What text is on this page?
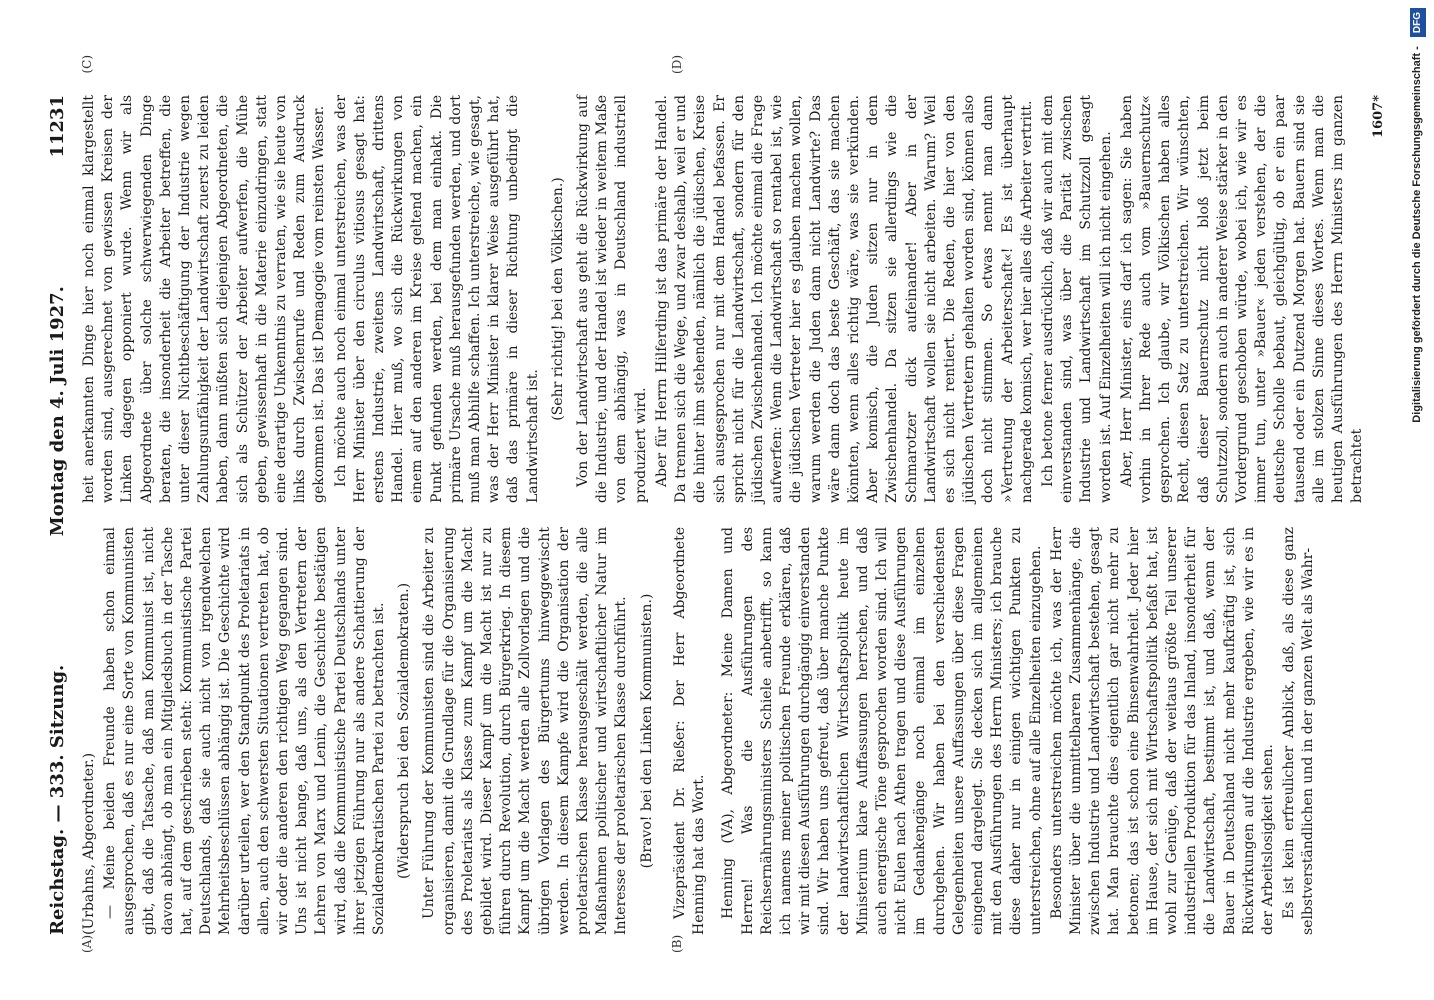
Reichstag. — 333. Sitzung.
Montag den 4. Juli 1927.
11231

(Urbahns, Abgeordneter.) — Meine beiden Freunde haben schon einmal ausgesprochen, daß es nur eine Sorte von Kommunisten gibt, daß die Tatsache, daß man Kommunist ist, nicht davon abhängt, ob man ein Mitgliedsbuch in der Tasche hat, auf dem geschrieben steht: Kommunistische Partei Deutschlands, daß sie auch nicht von irgendwelchen Mehrheitsbeschlüssen abhängig ist. Die Geschichte wird darüber urteilen, wer den Standpunkt des Proletariats in allen, auch den schwersten Situationen vertreten hat, ob wir oder die anderen den richtigen Weg gegangen sind. Uns ist nicht bange, daß uns, als den Vertretern der Lehren von Marx und Lenin, die Geschichte bestätigen wird, daß die Kommunistische Partei Deutschlands unter ihrer jetzigen Führung nur als andere Schattierung der Sozialdemokratischen Partei zu betrachten ist. (Widerspruch bei den Sozialdemokraten.) Unter Führung der Kommunisten sind die Arbeiter zu organisieren, damit die Grundlage für die Organisierung des Proletariats als Klasse zum Kampf um die Macht gebildet wird. Dieser Kampf um die Macht ist nur zu führen durch Revolution, durch Bürgerkrieg. In diesem Kampf um die Macht werden alle Zollvorlagen und die übrigen Vorlagen des Bürgertums hinweggewischt werden. In diesem Kampfe wird die Organisation der proletarischen Klasse herausgeschält werden, die alle Maßnahmen politischer und wirtschaftlicher Natur im Interesse der proletarischen Klasse durchführt. (Bravo! bei den Linken Kommunisten.) Vizepräsident Dr. Rießer: Der Herr Abgeordnete Henning hat das Wort. Henning (VA), Abgeordneter: Meine Damen und Herren! Was die Ausführungen des Reichsernährungsministers Schiele anbetrifft, so kann ich namens meiner politischen Freunde erklären, daß wir mit diesen Ausführungen durchgängig einverstanden sind. Wir haben uns gefreut, daß über manche Punkte der landwirtschaftlichen Wirtschaftspolitik heute im Ministerium klare Auffassungen herrschen, und daß auch energische Töne gesprochen worden sind. Ich will nicht Eulen nach Athen tragen und diese Ausführungen im Gedankengänge noch einmal im einzelnen durchgehen. Wir haben bei den verschiedensten Gelegenheiten unsere Auffassungen über diese Fragen eingehend dargelegt. Sie decken sich im allgemeinen mit den Ausführungen des Herrn Ministers; ich brauche diese daher nur in einigen wichtigen Punkten zu unterstreichen, ohne auf alle Einzelheiten einzugehen. Besonders unterstreichen möchte ich, was der Herr Minister über die unmittelbaren Zusammenhänge, die zwischen Industrie und Landwirtschaft bestehen, gesagt hat. Man brauchte dies eigentlich gar nicht mehr zu betonen; das ist schon eine Binsenwahrheit. Jeder hier im Hause, der sich mit Wirtschaftspolitik befaßt hat, ist wohl zur Genüge, daß der weitaus größte Teil unserer industriellen Produktion für das Inland, insonderheit für die Landwirtschaft, bestimmt ist, und daß, wenn der Bauer in Deutschland nicht mehr kaufkräftig ist, sich Rückwirkungen auf die Industrie ergeben, wie wir es in der Arbeitslosigkeit sehen. Es ist kein erfreulicher Anblick, daß, als diese ganz selbstverständlichen und in der ganzen Welt als Wahr-

heit anerkannten Dinge hier noch einmal klargestellt worden sind, ausgerechnet von gewissen Kreisen der Linken dagegen opponiert wurde. Wenn wir als Abgeordnete über solche schwerwiegenden Dinge beraten, die insonderheit die Arbeiter betreffen, die unter dieser Nichtbeschäftigung der Industrie wegen Zahlungsunfähigkeit der Landwirtschaft zuerst zu leiden haben, dann müßten sich diejenigen Abgeordneten, die sich als Schützer der Arbeiter aufwerfen, die Mühe geben, gewissenhaft in die Materie einzudringen, statt eine derartige Unkenntnis zu verraten, wie sie heute von links durch Zwischenrufe und Reden zum Ausdruck gekommen ist. Das ist Demagogie vom reinsten Wasser. Ich möchte auch noch einmal unterstreichen, was der Herr Minister über den circulus vitiosus gesagt hat: erstens Industrie, zweitens Landwirtschaft, drittens Handel. Hier muß, wo sich die Rückwirkungen von einem auf den anderen im Kreise geltend machen, ein Punkt gefunden werden, bei dem man einhakt. Die primäre Ursache muß herausgefunden werden, und dort muß man Abhilfe schaffen. Ich unterstreiche, wie gesagt, was der Herr Minister in klarer Weise ausgeführt hat, daß das primäre in dieser Richtung unbedingt die Landwirtschaft ist.

(Sehr richtig! bei den Völkischen.) Von der Landwirtschaft aus geht die Rückwirkung auf die Industrie, und der Handel ist wieder in weitem Maße von dem abhängig, was in Deutschland industriell produziert wird. Aber für Herrn Hilferding ist das primäre der Handel. Da trennen sich die Wege, und zwar deshalb, weil er und die hinter ihm stehenden, nämlich die jüdischen, Kreise sich ausgesprochen nur mit dem Handel befassen. Er spricht nicht für die Landwirtschaft, sondern für den jüdischen Zwischenhandel. Ich möchte einmal die Frage aufwerfen: Wenn die Landwirtschaft so rentabel ist, wie die jüdischen Vertreter hier es glauben machen wollen, warum werden die Juden dann nicht Landwirte? Das wäre dann doch das beste Geschäft, das sie machen könnten, wenn alles richtig wäre, was sie verkünden. Aber komisch, die Juden sitzen nur in dem Zwischenhandel. Da sitzen sie allerdings wie die Schmarotzer dick aufeinander! Aber in der Landwirtschaft wollen sie nicht arbeiten. Warum? Weil es sich nicht rentiert. Die Reden, die hier von den jüdischen Vertretern gehalten worden sind, können also doch nicht stimmen. So etwas nennt man dann »Vertretung der Arbeiterschaft«! Es ist überhaupt nachgerade komisch, wer hier alles die Arbeiter vertritt. Ich betone ferner ausdrücklich, daß wir auch mit dem einverstanden sind, was über die Parität zwischen Industrie und Landwirtschaft im Schutzzoll gesagt worden ist. Auf Einzelheiten will ich nicht eingehen. Aber, Herr Minister, eins darf ich sagen: Sie haben vorhin in Ihrer Rede auch vom »Bauernschutz« gesprochen. Ich glaube, wir Völkischen haben alles Recht, diesen Satz zu unterstreichen. Wir wünschten, daß dieser Bauernschutz nicht bloß jetzt beim Schutzzoll, sondern auch in anderer Weise stärker in den Vordergrund geschoben würde, wobei ich, wie wir es immer tun, unter »Bauer« jeden verstehen, der die deutsche Scholle bebaut, gleichgültig, ob er ein paar tausend oder ein Dutzend Morgen hat. Bauern sind sie alle im stolzen Sinne dieses Wortes. Wenn man die heutigen Ausführungen des Herrn Ministers im ganzen betrachtet

1607*
(A)	(B)
(C)	(D)	Digitalisierung gefördert durch die Deutsche Forschungsgemeinschaft - DFG
